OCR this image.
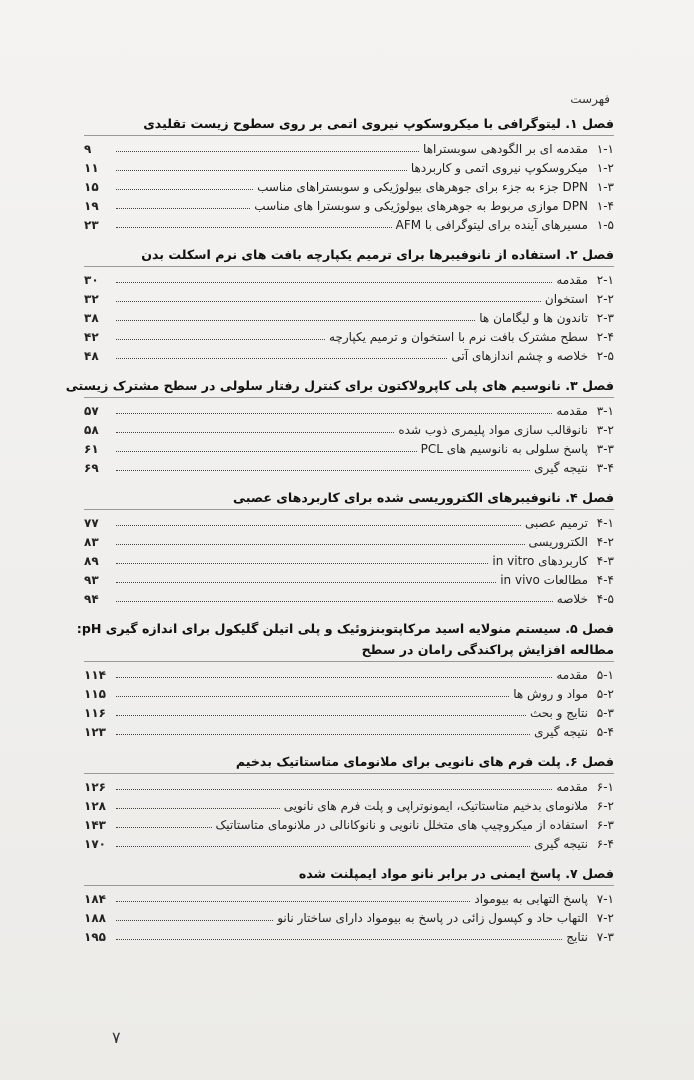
فهرست
فصل ۱. لیتوگرافی با میکروسکوپ نیروی اتمی بر روی سطوح زیست تقلیدی
۱-۱
مقدمه ای بر الگودهی سوبستراها
۹
۱-۲
میکروسکوپ نیروی اتمی و کاربردها
۱۱
۱-۳
DPN جزء به جزء برای جوهرهای بیولوژیکی و سوبستراهای مناسب
۱۵
۱-۴
DPN موازی مربوط به جوهرهای بیولوژیکی و سوبسترا های مناسب
۱۹
۱-۵
مسیرهای آینده برای لیتوگرافی با AFM
۲۳
فصل ۲. استفاده از نانوفیبرها برای ترمیم یکپارچه بافت های نرم اسکلت بدن
۲-۱
مقدمه
۳۰
۲-۲
استخوان
۳۲
۲-۳
تاندون ها و لیگامان ها
۳۸
۲-۴
سطح مشترک بافت نرم با استخوان و ترمیم یکپارچه
۴۲
۲-۵
خلاصه و چشم اندازهای آتی
۴۸
فصل ۳. نانوسیم های پلی کاپرولاکتون برای کنترل رفتار سلولی در سطح مشترک زیستی
۳-۱
مقدمه
۵۷
۳-۲
نانوقالب سازی مواد پلیمری ذوب شده
۵۸
۳-۳
پاسخ سلولی به نانوسیم های PCL
۶۱
۳-۴
نتیجه گیری
۶۹
فصل ۴. نانوفیبرهای الکتروریسی شده برای کاربردهای عصبی
۴-۱
ترمیم عصبی
۷۷
۴-۲
الکتروریسی
۸۳
۴-۳
کاربردهای in vitro
۸۹
۴-۴
مطالعات in vivo
۹۳
۴-۵
خلاصه
۹۴
فصل ۵. سیستم منولایه اسید مرکاپتوبنزوئیک و پلی اتیلن گلیکول برای اندازه گیری pH:
مطالعه افزایش پراکندگی رامان در سطح
۵-۱
مقدمه
۱۱۴
۵-۲
مواد و روش ها
۱۱۵
۵-۳
نتایج و بحث
۱۱۶
۵-۴
نتیجه گیری
۱۲۳
فصل ۶. پلت فرم های نانویی برای ملانومای متاستاتیک بدخیم
۶-۱
مقدمه
۱۲۶
۶-۲
ملانومای بدخیم متاستاتیک، ایمونوتراپی و پلت فرم های نانویی
۱۲۸
۶-۳
استفاده از میکروچیپ های متخلل نانویی و نانوکانالی در ملانومای متاستاتیک
۱۴۳
۶-۴
نتیجه گیری
۱۷۰
فصل ۷. پاسخ ایمنی در برابر نانو مواد ایمپلنت شده
۷-۱
پاسخ التهابی به بیومواد
۱۸۴
۷-۲
التهاب حاد و کپسول زائی در پاسخ به بیومواد دارای ساختار نانو
۱۸۸
۷-۳
نتایج
۱۹۵
۷
